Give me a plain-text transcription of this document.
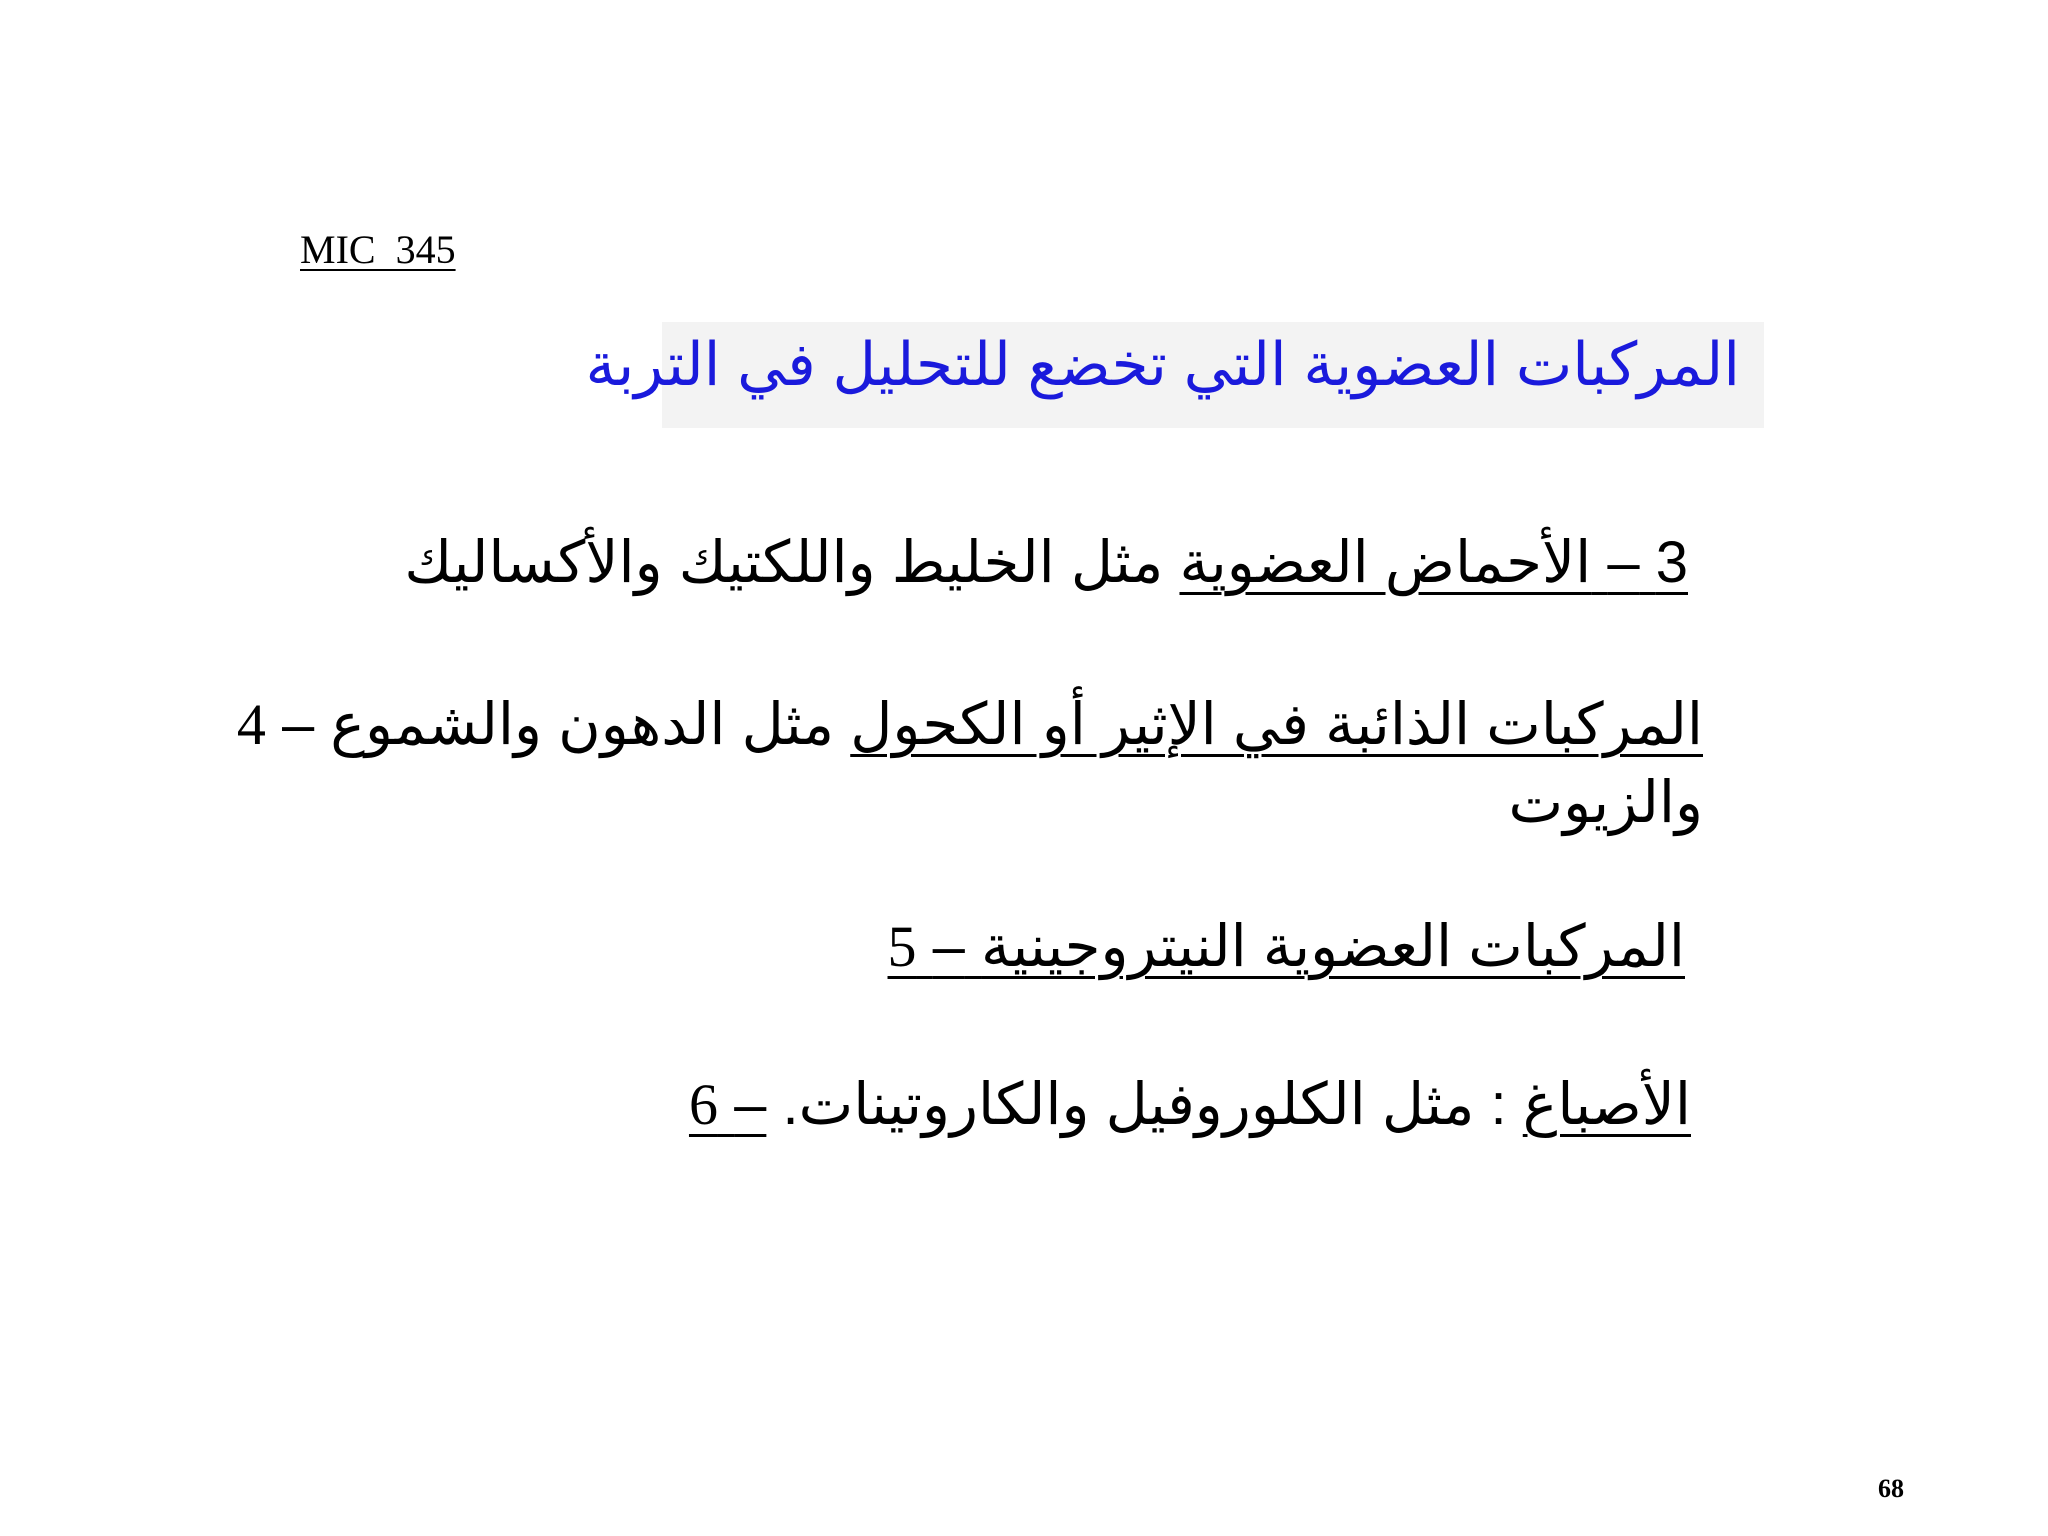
MIC  345
المركبات العضوية التي تخضع للتحليل في التربة
3 – الأحماض العضوية مثل الخليط واللكتيك والأكساليك
المركبات الذائبة في الإثير أو الكحول مثل الدهون والشموع – 4
والزيوت
المركبات العضوية النيتروجينية – 5
الأصباغ : مثل الكلوروفيل والكاروتينات. – 6
68
